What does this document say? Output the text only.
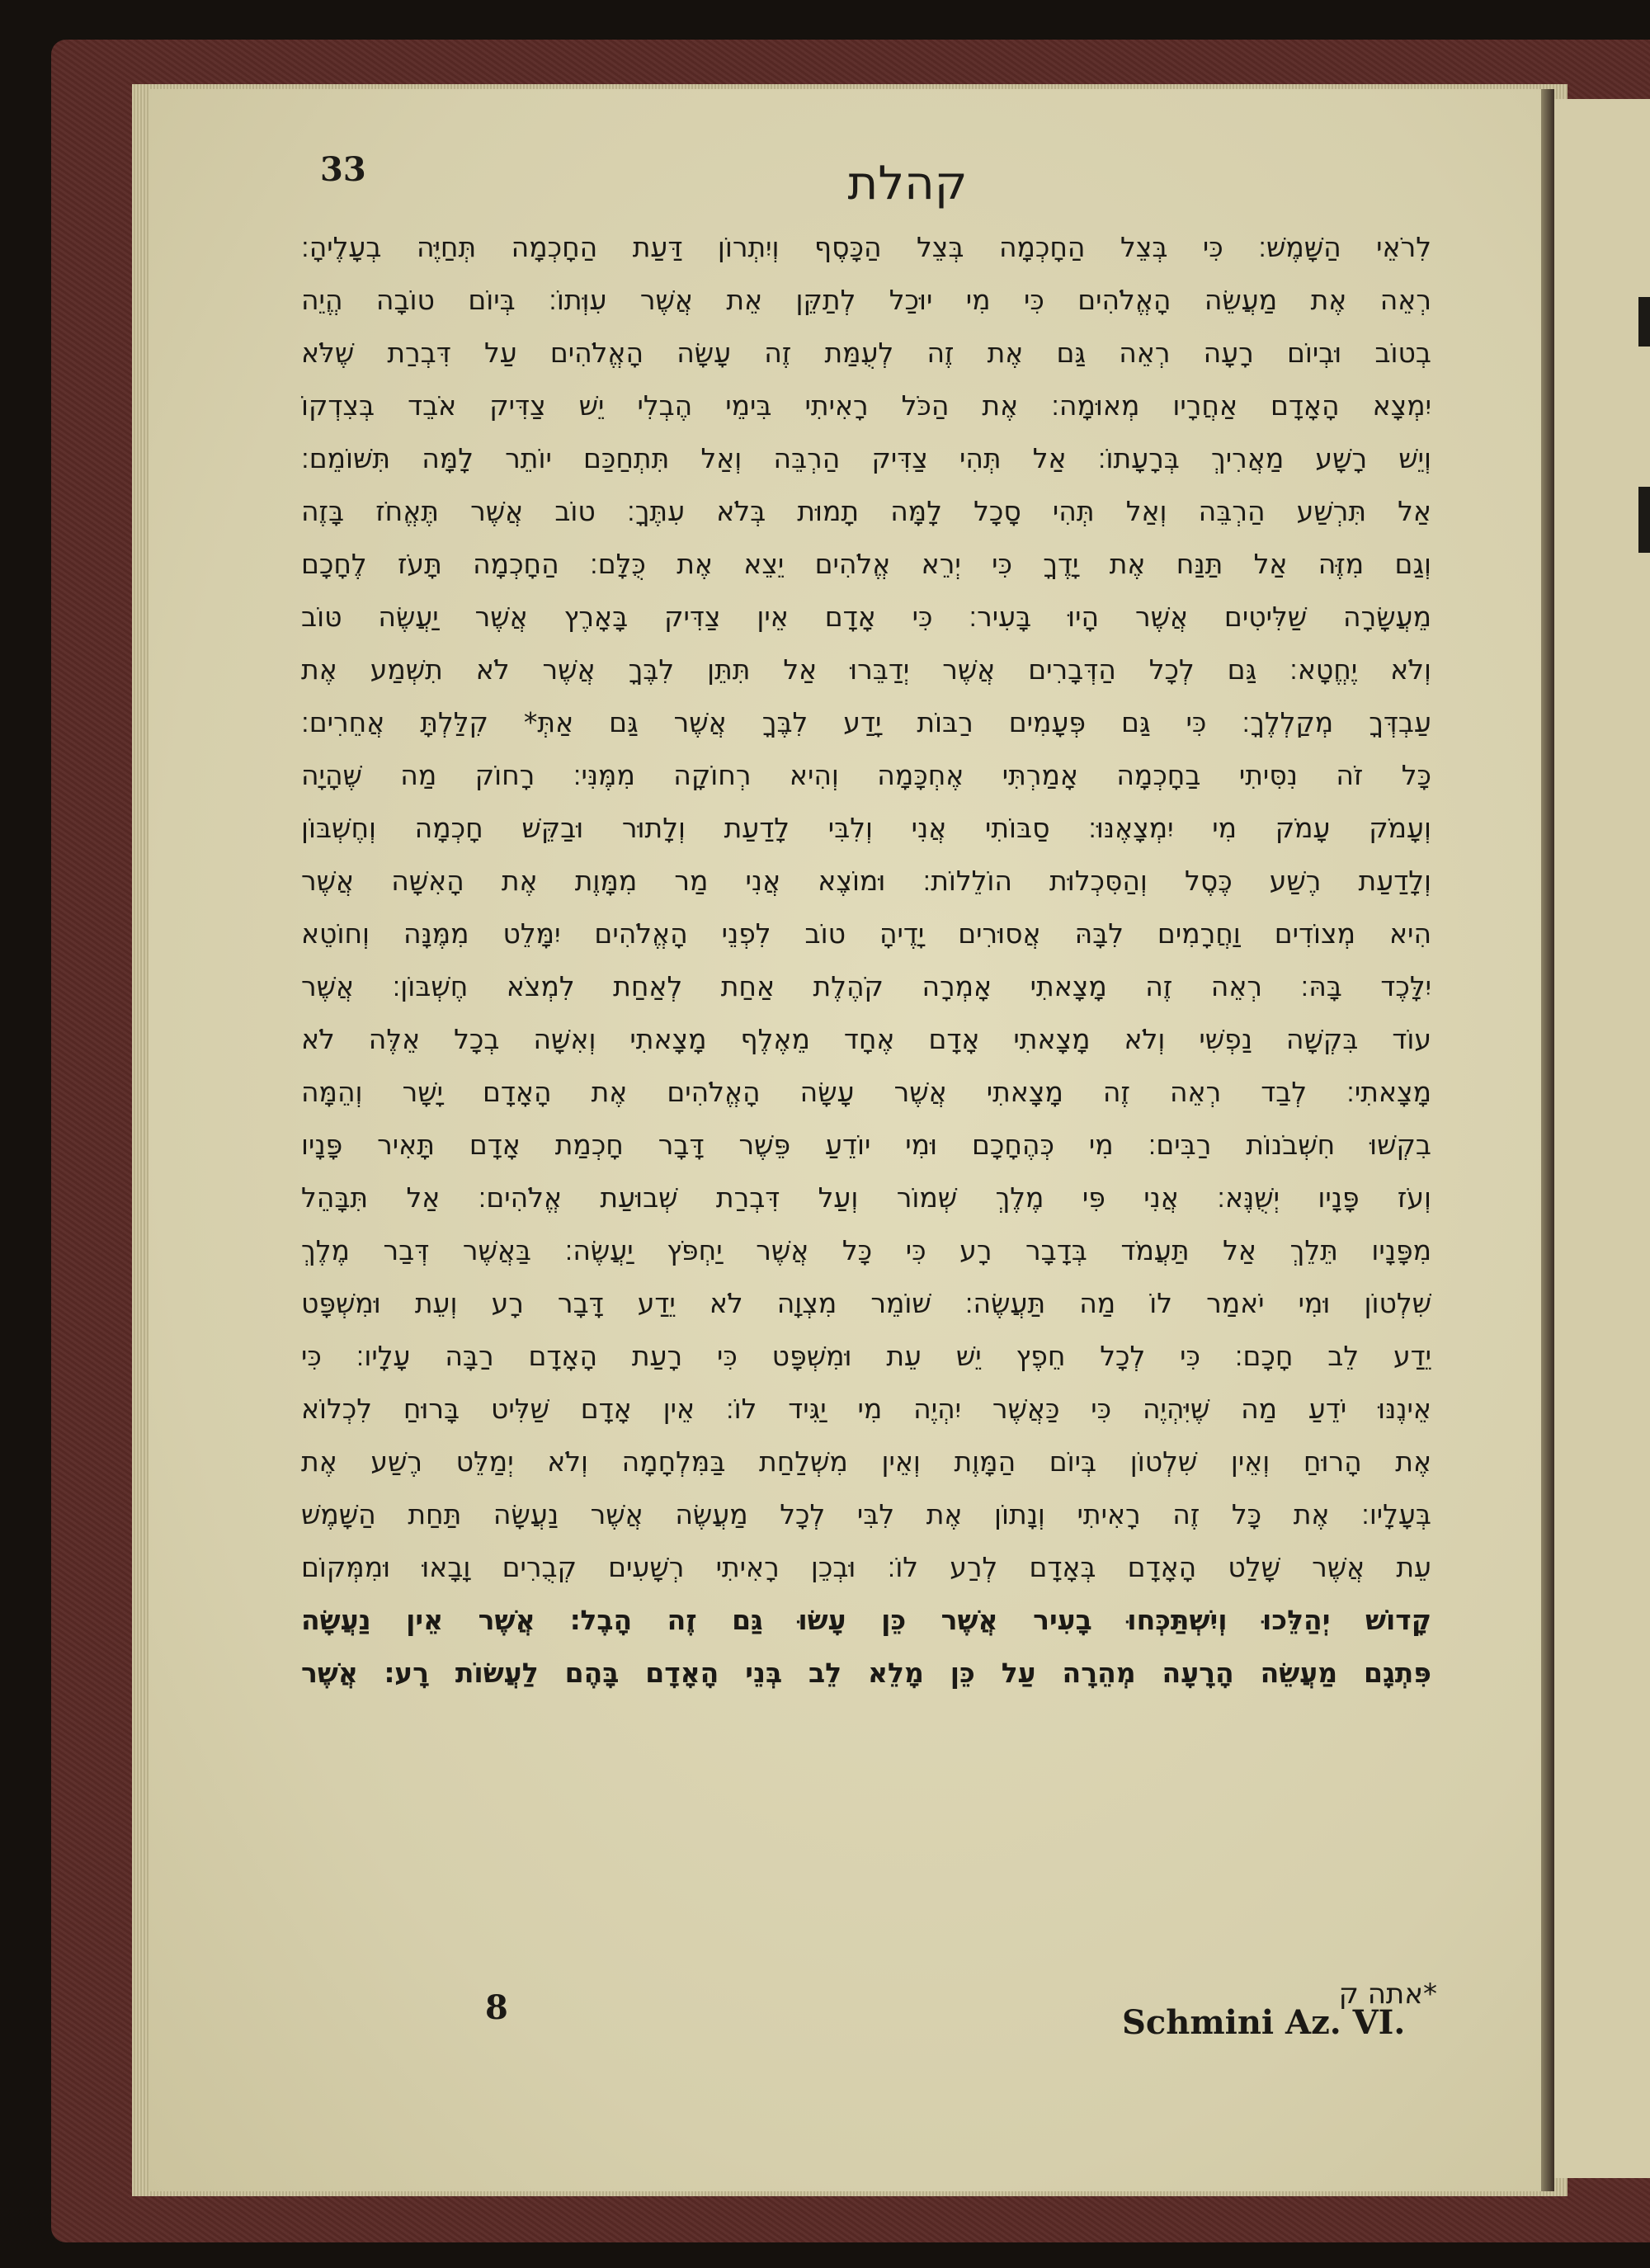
33	קהלת
לִרֹאֵי הַשָּׁמֶשׁ׃ כִּי בְּצֵל הַחָכְמָה בְּצֵל הַכָּסֶף וְיִתְרוֹן דַּעַת הַחָכְמָה תְּחַיֶּה בְעָלֶיהָ׃
רְאֵה אֶת מַעֲשֵׂה הָאֱלֹהִים כִּי מִי יוּכַל לְתַקֵּן אֵת אֲשֶׁר עִוְּתוֹ׃ בְּיוֹם טוֹבָה הֱיֵה
בְטוֹב וּבְיוֹם רָעָה רְאֵה גַּם אֶת זֶה לְעֻמַּת זֶה עָשָׂה הָאֱלֹהִים עַל דִּבְרַת שֶׁלֹּא
יִמְצָא הָאָדָם אַחֲרָיו מְאוּמָה׃ אֶת הַכֹּל רָאִיתִי בִּימֵי הֶבְלִי יֵשׁ צַדִּיק אֹבֵד בְּצִדְקוֹ
וְיֵשׁ רָשָׁע מַאֲרִיךְ בְּרָעָתוֹ׃ אַל תְּהִי צַדִּיק הַרְבֵּה וְאַל תִּתְחַכַּם יוֹתֵר לָמָּה תִּשּׁוֹמֵם׃
אַל תִּרְשַׁע הַרְבֵּה וְאַל תְּהִי סָכָל לָמָּה תָמוּת בְּלֹא עִתֶּךָ׃ טוֹב אֲשֶׁר תֶּאֱחֹז בָּזֶה
וְגַם מִזֶּה אַל תַּנַּח אֶת יָדֶךָ כִּי יְרֵא אֱלֹהִים יֵצֵא אֶת כֻּלָּם׃ הַחָכְמָה תָּעֹז לֶחָכָם
מֵעֲשָׂרָה שַׁלִּיטִים אֲשֶׁר הָיוּ בָּעִיר׃ כִּי אָדָם אֵין צַדִּיק בָּאָרֶץ אֲשֶׁר יַעֲשֶׂה טּוֹב
וְלֹא יֶחֱטָא׃ גַּם לְכָל הַדְּבָרִים אֲשֶׁר יְדַבֵּרוּ אַל תִּתֵּן לִבֶּךָ אֲשֶׁר לֹא תִשְׁמַע אֶת
עַבְדְּךָ מְקַלְלֶךָ׃ כִּי גַּם פְּעָמִים רַבּוֹת יָדַע לִבֶּךָ אֲשֶׁר גַּם אַתְּ* קִלַּלְתָּ אֲחֵרִים׃
כָּל זֹה נִסִּיתִי בַחָכְמָה אָמַרְתִּי אֶחְכָּמָה וְהִיא רְחוֹקָה מִמֶּנִּי׃ רָחוֹק מַה שֶּׁהָיָה
וְעָמֹק עָמֹק מִי יִמְצָאֶנּוּ׃ סַבּוֹתִי אֲנִי וְלִבִּי לָדַעַת וְלָתוּר וּבַקֵּשׁ חָכְמָה וְחֶשְׁבּוֹן
וְלָדַעַת רֶשַׁע כֶּסֶל וְהַסִּכְלוּת הוֹלֵלוֹת׃ וּמוֹצֶא אֲנִי מַר מִמָּוֶת אֶת הָאִשָּׁה אֲשֶׁר
הִיא מְצוֹדִים וַחֲרָמִים לִבָּהּ אֲסוּרִים יָדֶיהָ טוֹב לִפְנֵי הָאֱלֹהִים יִמָּלֵט מִמֶּנָּה וְחוֹטֵא
יִלָּכֶד בָּהּ׃ רְאֵה זֶה מָצָאתִי אָמְרָה קֹהֶלֶת אַחַת לְאַחַת לִמְצֹא חֶשְׁבּוֹן׃ אֲשֶׁר
עוֹד בִּקְשָׁה נַפְשִׁי וְלֹא מָצָאתִי אָדָם אֶחָד מֵאֶלֶף מָצָאתִי וְאִשָּׁה בְכָל אֵלֶּה לֹא
מָצָאתִי׃ לְבַד רְאֵה זֶה מָצָאתִי אֲשֶׁר עָשָׂה הָאֱלֹהִים אֶת הָאָדָם יָשָׁר וְהֵמָּה
בִקְשׁוּ חִשְּׁבֹנוֹת רַבִּים׃ מִי כְּהֶחָכָם וּמִי יוֹדֵעַ פֵּשֶׁר דָּבָר חָכְמַת אָדָם תָּאִיר פָּנָיו
וְעֹז פָּנָיו יְשֻׁנֶּא׃ אֲנִי פִּי מֶלֶךְ שְׁמוֹר וְעַל דִּבְרַת שְׁבוּעַת אֱלֹהִים׃ אַל תִּבָּהֵל
מִפָּנָיו תֵּלֵךְ אַל תַּעֲמֹד בְּדָבָר רָע כִּי כָּל אֲשֶׁר יַחְפֹּץ יַעֲשֶׂה׃ בַּאֲשֶׁר דְּבַר מֶלֶךְ
שִׁלְטוֹן וּמִי יֹאמַר לוֹ מַה תַּעֲשֶׂה׃ שׁוֹמֵר מִצְוָה לֹא יֵדַע דָּבָר רָע וְעֵת וּמִשְׁפָּט
יֵדַע לֵב חָכָם׃ כִּי לְכָל חֵפֶץ יֵשׁ עֵת וּמִשְׁפָּט כִּי רָעַת הָאָדָם רַבָּה עָלָיו׃ כִּי
אֵינֶנּוּ יֹדֵעַ מַה שֶּׁיִּהְיֶה כִּי כַּאֲשֶׁר יִהְיֶה מִי יַגִּיד לוֹ׃ אֵין אָדָם שַׁלִּיט בָּרוּחַ לִכְלוֹא
אֶת הָרוּחַ וְאֵין שִׁלְטוֹן בְּיוֹם הַמָּוֶת וְאֵין מִשְׁלַחַת בַּמִּלְחָמָה וְלֹא יְמַלֵּט רֶשַׁע אֶת
בְּעָלָיו׃ אֶת כָּל זֶה רָאִיתִי וְנָתוֹן אֶת לִבִּי לְכָל מַעֲשֶׂה אֲשֶׁר נַעֲשָׂה תַּחַת הַשָּׁמֶשׁ
עֵת אֲשֶׁר שָׁלַט הָאָדָם בְּאָדָם לְרַע לוֹ׃ וּבְכֵן רָאִיתִי רְשָׁעִים קְבֻרִים וָבָאוּ וּמִמְּקוֹם
קָדוֹשׁ יְהַלֵּכוּ וְיִשְׁתַּכְּחוּ בָעִיר אֲשֶׁר כֵּן עָשׂוּ גַּם זֶה הָבֶל׃ אֲשֶׁר אֵין נַעֲשָׂה
פִּתְגָם מַעֲשֵׂה הָרָעָה מְהֵרָה עַל כֵּן מָלֵא לֵב בְּנֵי הָאָדָם בָּהֶם לַעֲשׂוֹת רָע׃ אֲשֶׁר
*אתה ק
8	Schmini Az. VI.
